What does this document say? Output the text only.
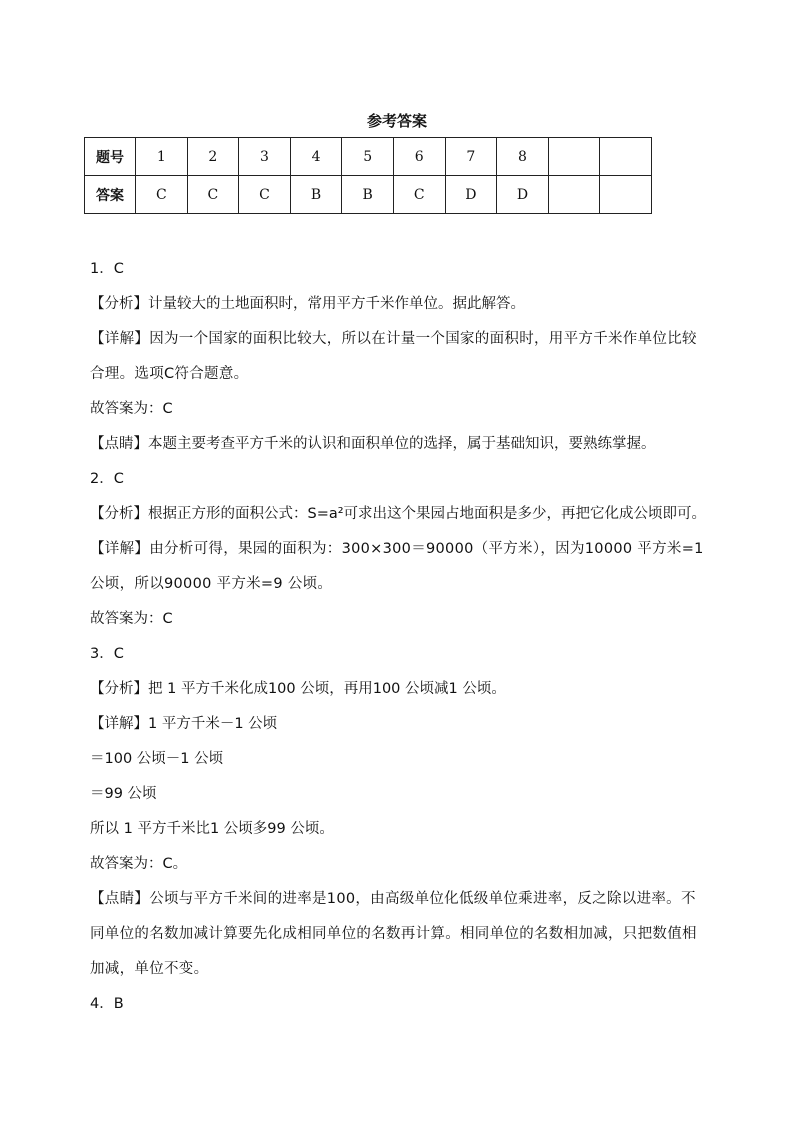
参考答案
题号	1	2	3	4	5	6	7	8		
答案	C	C	C	B	B	C	D	D		
1．C
【分析】计量较大的土地面积时，常用平方千米作单位。据此解答。
【详解】因为一个国家的面积比较大，所以在计量一个国家的面积时，用平方千米作单位比较合理。选项C符合题意。
故答案为：C
【点睛】本题主要考查平方千米的认识和面积单位的选择，属于基础知识，要熟练掌握。
2．C
【分析】根据正方形的面积公式：S=a²可求出这个果园占地面积是多少，再把它化成公顷即可。
【详解】由分析可得，果园的面积为：300×300＝90000（平方米），因为10000 平方米=1 公顷，所以90000 平方米=9 公顷。
故答案为：C
3．C
【分析】把 1 平方千米化成100 公顷，再用100 公顷减1 公顷。
【详解】1 平方千米－1 公顷
＝100 公顷－1 公顷
＝99 公顷
所以 1 平方千米比1 公顷多99 公顷。
故答案为：C。
【点睛】公顷与平方千米间的进率是100，由高级单位化低级单位乘进率，反之除以进率。不同单位的名数加减计算要先化成相同单位的名数再计算。相同单位的名数相加减，只把数值相加减，单位不变。
4．B
